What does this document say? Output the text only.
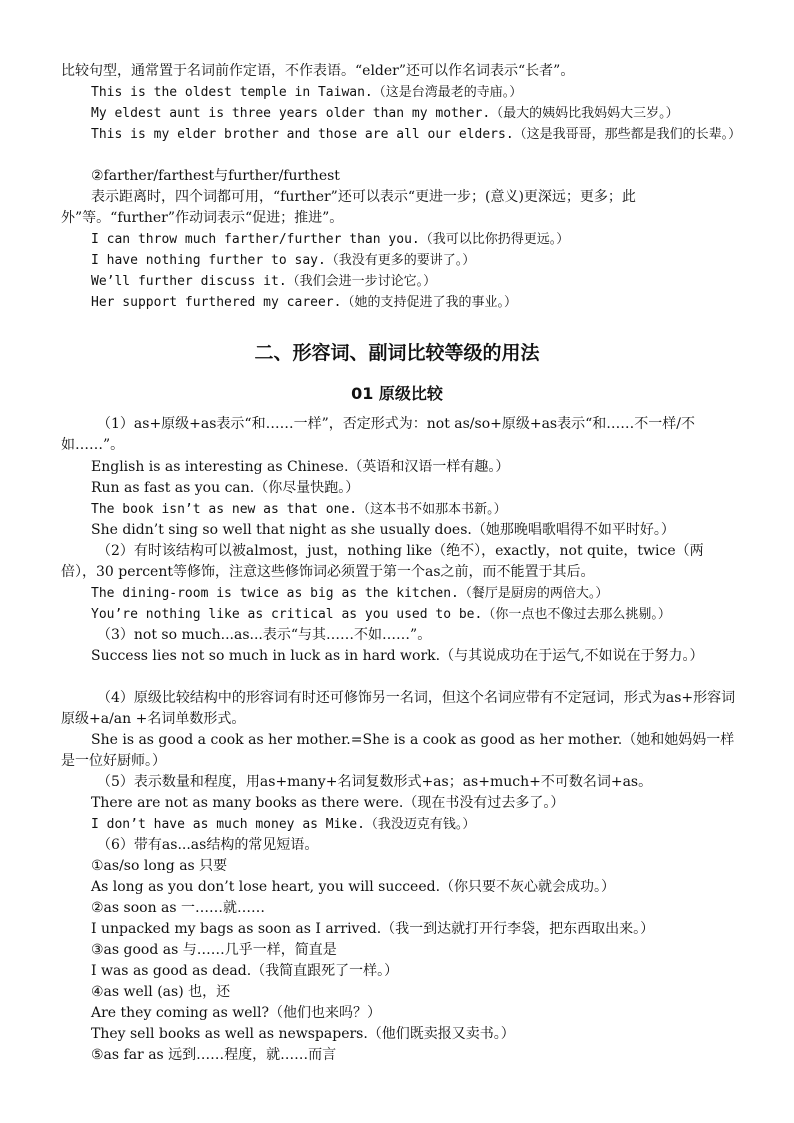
比较句型，通常置于名词前作定语，不作表语。“elder”还可以作名词表示“长者”。

This is the oldest temple in Taiwan.（这是台湾最老的寺庙。）

My eldest aunt is three years older than my mother.（最大的姨妈比我妈妈大三岁。）

This is my elder brother and those are all our elders.（这是我哥哥，那些都是我们的长辈。）

②farther/farthest与further/furthest

表示距离时，四个词都可用，“further”还可以表示“更进一步；(意义)更深远；更多；此外”等。“further”作动词表示“促进；推进”。

I can throw much farther/further than you.（我可以比你扔得更远。）

I have nothing further to say.（我没有更多的要讲了。）

We’ll further discuss it.（我们会进一步讨论它。）

Her support furthered my career.（她的支持促进了我的事业。）

二、形容词、副词比较等级的用法
01 原级比较

（1）as+原级+as表示“和……一样”，否定形式为：not as/so+原级+as表示“和……不一样/不如……”。

English is as interesting as Chinese.（英语和汉语一样有趣。）

Run as fast as you can.（你尽量快跑。）

The book isn’t as new as that one.（这本书不如那本书新。）

She didn’t sing so well that night as she usually does.（她那晚唱歌唱得不如平时好。）

（2）有时该结构可以被almost，just，nothing like（绝不），exactly，not quite，twice（两倍），30 percent等修饰，注意这些修饰词必须置于第一个as之前，而不能置于其后。

The dining-room is twice as big as the kitchen.（餐厅是厨房的两倍大。）

You’re nothing like as critical as you used to be.（你一点也不像过去那么挑剔。）

（3）not so much...as...表示“与其……不如……”。

Success lies not so much in luck as in hard work.（与其说成功在于运气,不如说在于努力。）

（4）原级比较结构中的形容词有时还可修饰另一名词，但这个名词应带有不定冠词，形式为as+形容词原级+a/an +名词单数形式。

She is as good a cook as her mother.=She is a cook as good as her mother.（她和她妈妈一样是一位好厨师。）

（5）表示数量和程度，用as+many+名词复数形式+as；as+much+不可数名词+as。

There are not as many books as there were.（现在书没有过去多了。）

I don’t have as much money as Mike.（我没迈克有钱。）

（6）带有as...as结构的常见短语。

①as/so long as 只要

As long as you don’t lose heart, you will succeed.（你只要不灰心就会成功。）

②as soon as 一……就……

I unpacked my bags as soon as I arrived.（我一到达就打开行李袋，把东西取出来。）

③as good as 与……几乎一样，简直是

I was as good as dead.（我简直跟死了一样。）

④as well (as) 也，还

Are they coming as well?（他们也来吗？）

They sell books as well as newspapers.（他们既卖报又卖书。）

⑤as far as 远到……程度，就……而言
